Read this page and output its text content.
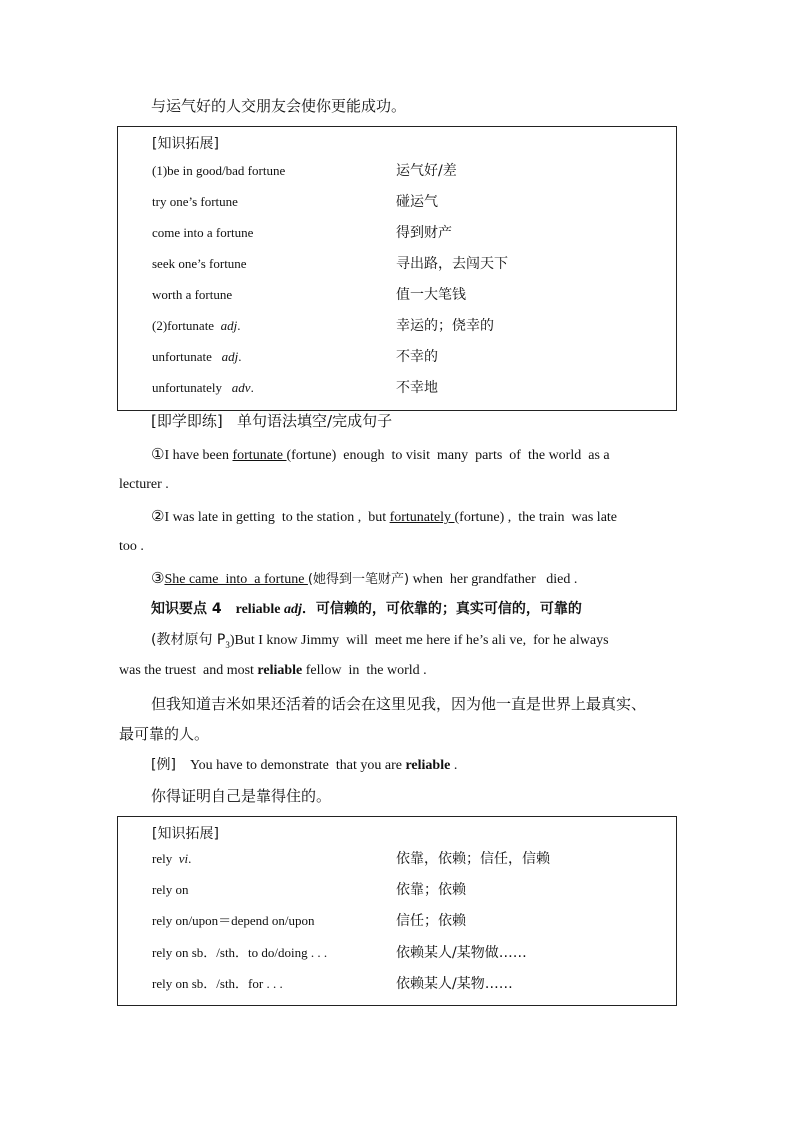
与运气好的人交朋友会使你更能成功。
[知识拓展]
(1)be in good/bad fortune	运气好/差
try one’s fortune	碰运气
come into a fortune	得到财产
seek one’s fortune	寻出路，去闯天下
worth a fortune	值一大笔钱
(2)fortunate  adj.	幸运的；侥幸的
unfortunate   adj.	不幸的
unfortunately   adv.	不幸地
[即学即练] 单句语法填空/完成句子
①I have been fortunate (fortune)  enough  to visit  many  parts  of  the world  as a
lecturer .
②I was late in getting  to the station ,  but fortunately (fortune) ,  the train  was late
too .
③She came  into  a fortune (她得到一笔财产) when  her grandfather   died .
知识要点 4 reliable adj．可信赖的，可依靠的；真实可信的，可靠的
(教材原句 $P_3)But$ I know Jimmy  will  meet me here if he’s ali ve,  for he always
was the truest  and most reliable fellow  in  the world .
但我知道吉米如果还活着的话会在这里见我，因为他一直是世界上最真实、
最可靠的人。
[例] You have to demonstrate  that you are reliable .
你得证明自己是靠得住的。
[知识拓展]
rely  vi.	依靠，依赖；信任，信赖
rely on	依靠；依赖
rely on/upon＝depend on/upon	信任；依赖
rely on sb．/sth．to do/doing . . .	依赖某人/某物做……
rely on sb．/sth．for . . .	依赖某人/某物……
